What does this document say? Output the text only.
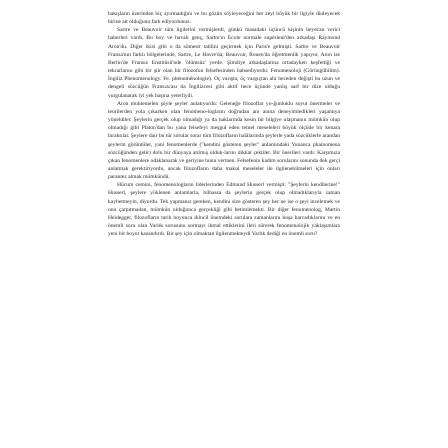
bakışların üzerinden biç ayırmadığını ve bu gözün söyleyeceğini her zeyi böyük bir ilgiyle dinleyecek birine ait olduğunu fark ediyordunuz.

Sartre ve Beauvoir tüm ilgilerini vermişlerdi, günkü masadaki üçüncü kişinin beyecan verici haberleri vardı. Bu boy ve havalı genç, Sartre'ın Ecole normale supérieur'den arkadaşı Raymond Aron'du. Diğer ikisi gibi o da sömestr tatilini geçirmek için Paris'e gelmişti. Sartre ve Beauvoir Fransa'nın farklı bölgelerinde, Sartre, Le Havre'da; Beauvoir, Rouen'da öğretmenlik yapıyor, Aron ise Berlin'de Fransız Enstitüsü'nde 'ölümsüz' yerde. Şimdiye arkadaşlarına ortadayken keşfettiği ve tekrarlarını gibi bir şiir olan bir filozofun felsefesinden bahsediyordu: Fenomenoloji (Görüngübilim). İngiliz Phenomenology. Fe. phénoménologie). Oç varışta, öç vargıçtan ahi beceden değişti bu uzun ve dengeli sözcüğün Fransızcası da İngilizcesi gibi aktif hece üçünde yanlış sarf bir dize olduğu vurgulanarak iyi yek başına yeterliydi.

Aron muhtemelen şöyle şeyler anlatıyordu: Geleneğe filozoflar yo-ğunluklu soyut önermeler ve teorilerden yola çıkarken olan fenomeno-logların doğrudan anı anına deneyimledikleri yaşantıya yöneldiler. Şeylerin gerçek olup olmadığı ya da haklarında kesin bir bilgiye ulaşmanın mümkün olup olmadığı gibi Platon'dan bu yana felsefeyi meşgul eden temel meseleleri böyük ölçüde bir kenara bıraktılar. Şeylere dair bu tür sorular sorar tüm filozofların halâlarında şeylerle yada sözcüklerle arandan şeylerin görüntüler, yani fenomenlerde ("kendini gösteren şeyler" anlamındaki Yunanca phainomena sözcüğünden gelir) dolu bir dünyaya atılmış olduk-larını dikkat çektiler. Bir önerileri vardı: Karşımıza çıkan fenomenlere odaklanarak ve geriyine bunu vermen. Felsefenin kadim sorularını sonunda dek gerçi anlatmak gerektiriyordu, ancak filozofların daha makul meseleler ile ilgilenebilmeleri için onları parantez almak mümkündü.

Hücum cemini, fenomenologların liderlerinden Edmund Husserl vermişti: "Şeylerin kendilerine!" Husserl, şeylere yüklenen anlamlarla, bilhassa da şeylerin gerçek olup olmadıklarıyla zaman kaybetmeyin, diyordu. Tek yapmanız gereken, kendini size gösteren şey her ne ise o şeyi incelemek ve onu çarpıtmadan, mümkün olduğunca gerçekliği gibi betimlemekti. Bir diğer fenomenolog, Martin Heidegger, filozofların tarih boyunca ikincil önemdeki sorulara zamanlarını boşa harcadıklarını ve en önemli soru olan Varlık sorusunu sormayı ihmal ettiklerini ileri sürerek fenomenolojik yaklaşımlara yeni bir boyut kazandırdı. Bir şey için olmaktan ilgilenmekteydi Varlık dediği en önemli soru?
